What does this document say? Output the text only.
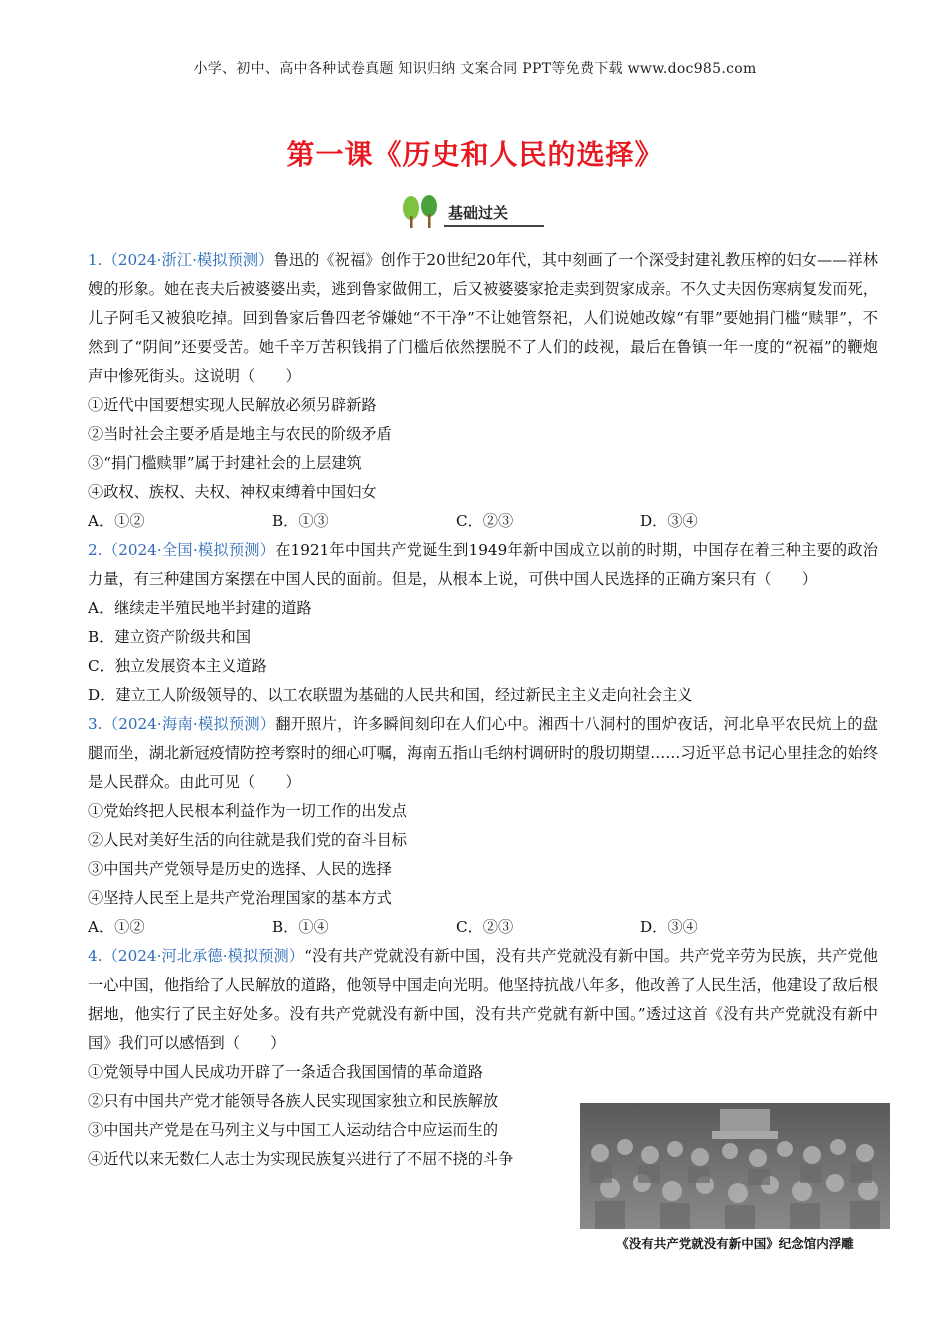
小学、初中、高中各种试卷真题 知识归纳 文案合同 PPT等免费下载 www.doc985.com
第一课《历史和人民的选择》
基础过关

1.（2024·浙江·模拟预测）鲁迅的《祝福》创作于20世纪20年代，其中刻画了一个深受封建礼教压榨的妇女——祥林嫂的形象。她在丧夫后被婆婆出卖，逃到鲁家做佣工，后又被婆婆家抢走卖到贺家成亲。不久丈夫因伤寒病复发而死，儿子阿毛又被狼吃掉。回到鲁家后鲁四老爷嫌她“不干净”不让她管祭祀，人们说她改嫁“有罪”要她捐门槛“赎罪”，不然到了“阴间”还要受苦。她千辛万苦积钱捐了门槛后依然摆脱不了人们的歧视，最后在鲁镇一年一度的“祝福”的鞭炮声中惨死街头。这说明（　　）

①近代中国要想实现人民解放必须另辟新路

②当时社会主要矛盾是地主与农民的阶级矛盾

③“捐门槛赎罪”属于封建社会的上层建筑

④政权、族权、夫权、神权束缚着中国妇女

A．①②	B．①③	C．②③	D．③④

2.（2024·全国·模拟预测）在1921年中国共产党诞生到1949年新中国成立以前的时期，中国存在着三种主要的政治力量，有三种建国方案摆在中国人民的面前。但是，从根本上说，可供中国人民选择的正确方案只有（　　）

A．继续走半殖民地半封建的道路

B．建立资产阶级共和国

C．独立发展资本主义道路

D．建立工人阶级领导的、以工农联盟为基础的人民共和国，经过新民主主义走向社会主义

3.（2024·海南·模拟预测）翻开照片，许多瞬间刻印在人们心中。湘西十八洞村的围炉夜话，河北阜平农民炕上的盘腿而坐，湖北新冠疫情防控考察时的细心叮嘱，海南五指山毛纳村调研时的殷切期望……习近平总书记心里挂念的始终是人民群众。由此可见（　　）

①党始终把人民根本利益作为一切工作的出发点

②人民对美好生活的向往就是我们党的奋斗目标

③中国共产党领导是历史的选择、人民的选择

④坚持人民至上是共产党治理国家的基本方式

A．①②	B．①④	C．②③	D．③④

4.（2024·河北承德·模拟预测）“没有共产党就没有新中国，没有共产党就没有新中国。共产党辛劳为民族，共产党他一心中国，他指给了人民解放的道路，他领导中国走向光明。他坚持抗战八年多，他改善了人民生活，他建设了敌后根据地，他实行了民主好处多。没有共产党就没有新中国，没有共产党就有新中国。”透过这首《没有共产党就没有新中国》我们可以感悟到（　　）

①党领导中国人民成功开辟了一条适合我国国情的革命道路

②只有中国共产党才能领导各族人民实现国家独立和民族解放

③中国共产党是在马列主义与中国工人运动结合中应运而生的

④近代以来无数仁人志士为实现民族复兴进行了不屈不挠的斗争

《没有共产党就没有新中国》纪念馆内浮雕
